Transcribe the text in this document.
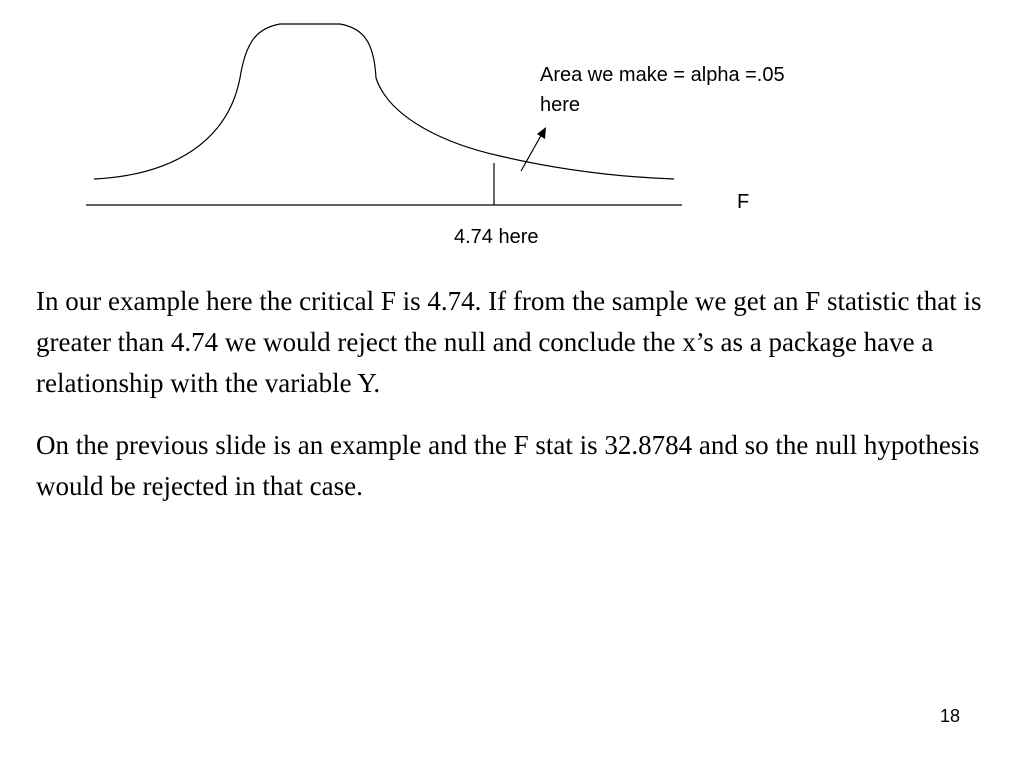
Area we make = alpha =.05
here
F
4.74 here

In our example here the critical F is 4.74. If from the sample we get an F statistic that is greater than 4.74 we would reject the null and conclude the x’s as a package have a relationship with the variable Y.

On the previous slide is an example and the F stat is 32.8784 and so the null hypothesis would be rejected in that case.

18
